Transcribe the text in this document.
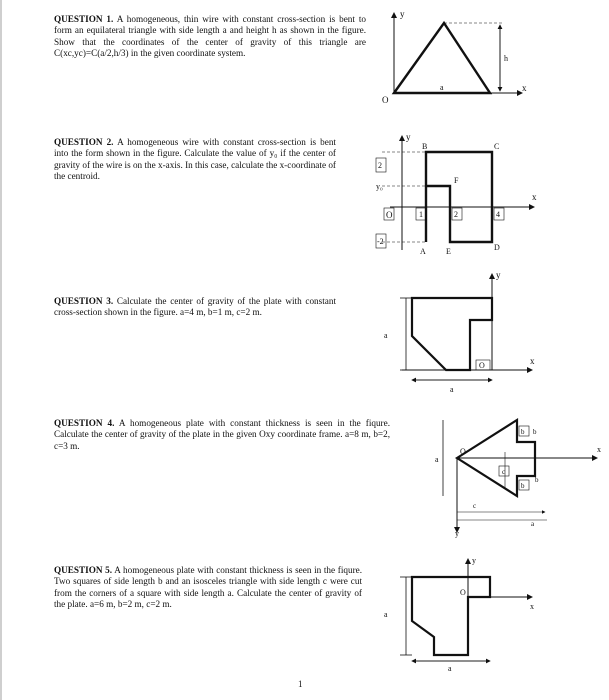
QUESTION 1. A homogeneous, thin wire with constant cross-section is bent to form an equilateral triangle with side length a and height h as shown in the figure. Show that the coordinates of the center of gravity of this triangle are C(xc,yc)=C(a/2,h/3) in the given coordinate system.
QUESTION 2. A homogeneous wire with constant cross-section is bent into the form shown in the figure. Calculate the value of y₀ if the center of gravity of the wire is on the x-axis. In this case, calculate the x-coordinate of the centroid.
QUESTION 3. Calculate the center of gravity of the plate with constant cross-section shown in the figure. a=4 m, b=1 m, c=2 m.
QUESTION 4. A homogeneous plate with constant thickness is seen in the fiqure. Calculate the center of gravity of the plate in the given Oxy coordinate frame. a=8 m, b=2, c=3 m.
QUESTION 5. A homogeneous plate with constant thickness is seen in the fiqure. Two squares of side length b and an isosceles triangle with side length c were cut from the corners of a square with side length a. Calculate the center of gravity of the plate. a=6 m, b=2 m, c=2 m.
y
x
O
a
h
y
x
O
2
y₀
-2
1	2	4
B	C
F
A	E	D
y
x
O
a
a
y
x
O
a
a
b b
b
b
c
c
y
x
O
a
a
1
